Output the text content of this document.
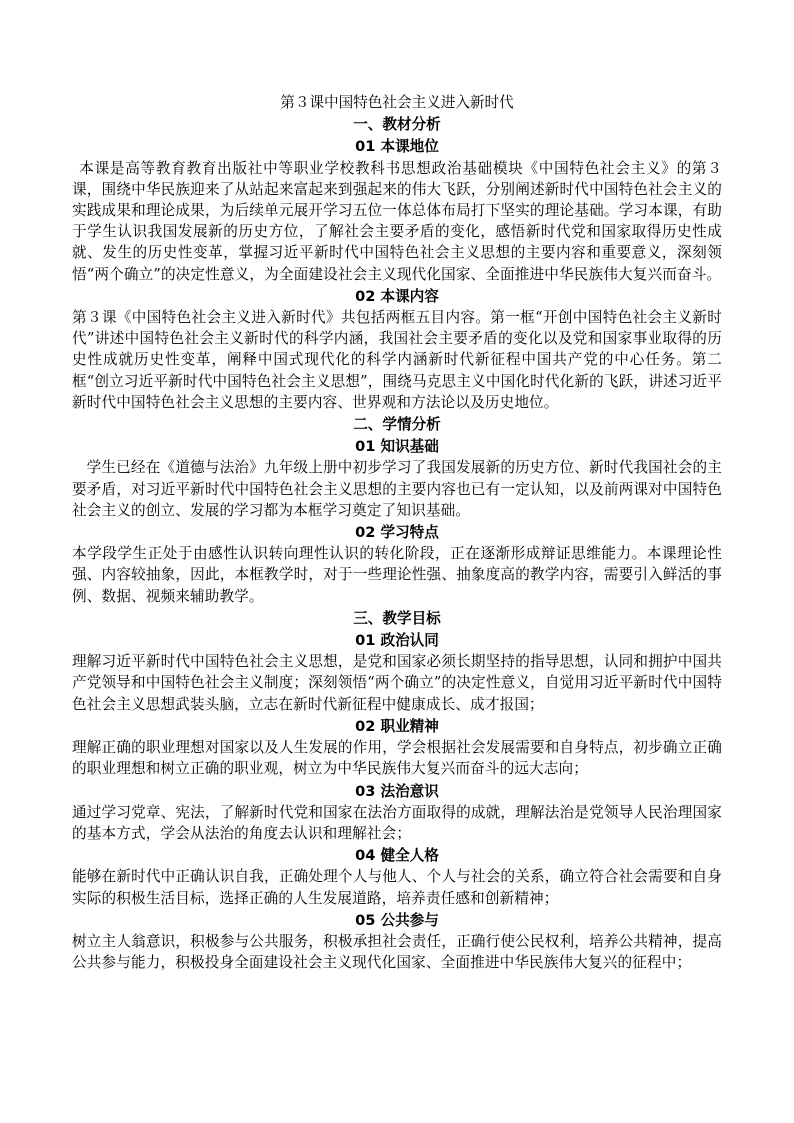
第３课中国特色社会主义进入新时代
一、教材分析
01 本课地位
本课是高等教育教育出版社中等职业学校教科书思想政治基础模块《中国特色社会主义》的第３课，围绕中华民族迎来了从站起来富起来到强起来的伟大飞跃，分别阐述新时代中国特色社会主义的实践成果和理论成果，为后续单元展开学习五位一体总体布局打下坚实的理论基础。学习本课，有助于学生认识我国发展新的历史方位，了解社会主要矛盾的变化，感悟新时代党和国家取得历史性成就、发生的历史性变革，掌握习近平新时代中国特色社会主义思想的主要内容和重要意义，深刻领悟“两个确立”的决定性意义，为全面建设社会主义现代化国家、全面推进中华民族伟大复兴而奋斗。
02 本课内容
第３课《中国特色社会主义进入新时代》共包括两框五目内容。第一框“开创中国特色社会主义新时代”讲述中国特色社会主义新时代的科学内涵，我国社会主要矛盾的变化以及党和国家事业取得的历史性成就历史性变革，阐释中国式现代化的科学内涵新时代新征程中国共产党的中心任务。第二框“创立习近平新时代中国特色社会主义思想”，围绕马克思主义中国化时代化新的飞跃，讲述习近平新时代中国特色社会主义思想的主要内容、世界观和方法论以及历史地位。
二、学情分析
01 知识基础
学生已经在《道德与法治》九年级上册中初步学习了我国发展新的历史方位、新时代我国社会的主要矛盾，对习近平新时代中国特色社会主义思想的主要内容也已有一定认知，以及前两课对中国特色社会主义的创立、发展的学习都为本框学习奠定了知识基础。
02 学习特点
本学段学生正处于由感性认识转向理性认识的转化阶段，正在逐渐形成辩证思维能力。本课理论性强、内容较抽象，因此，本框教学时，对于一些理论性强、抽象度高的教学内容，需要引入鲜活的事例、数据、视频来辅助教学。
三、教学目标
01 政治认同
理解习近平新时代中国特色社会主义思想，是党和国家必须长期坚持的指导思想，认同和拥护中国共产党领导和中国特色社会主义制度；深刻领悟“两个确立”的决定性意义，自觉用习近平新时代中国特色社会主义思想武装头脑，立志在新时代新征程中健康成长、成才报国；
02 职业精神
理解正确的职业理想对国家以及人生发展的作用，学会根据社会发展需要和自身特点，初步确立正确的职业理想和树立正确的职业观，树立为中华民族伟大复兴而奋斗的远大志向；
03 法治意识
通过学习党章、宪法，了解新时代党和国家在法治方面取得的成就，理解法治是党领导人民治理国家的基本方式，学会从法治的角度去认识和理解社会；
04 健全人格
能够在新时代中正确认识自我，正确处理个人与他人、个人与社会的关系，确立符合社会需要和自身实际的积极生活目标，选择正确的人生发展道路，培养责任感和创新精神；
05 公共参与
树立主人翁意识，积极参与公共服务，积极承担社会责任，正确行使公民权利，培养公共精神，提高公共参与能力，积极投身全面建设社会主义现代化国家、全面推进中华民族伟大复兴的征程中；
